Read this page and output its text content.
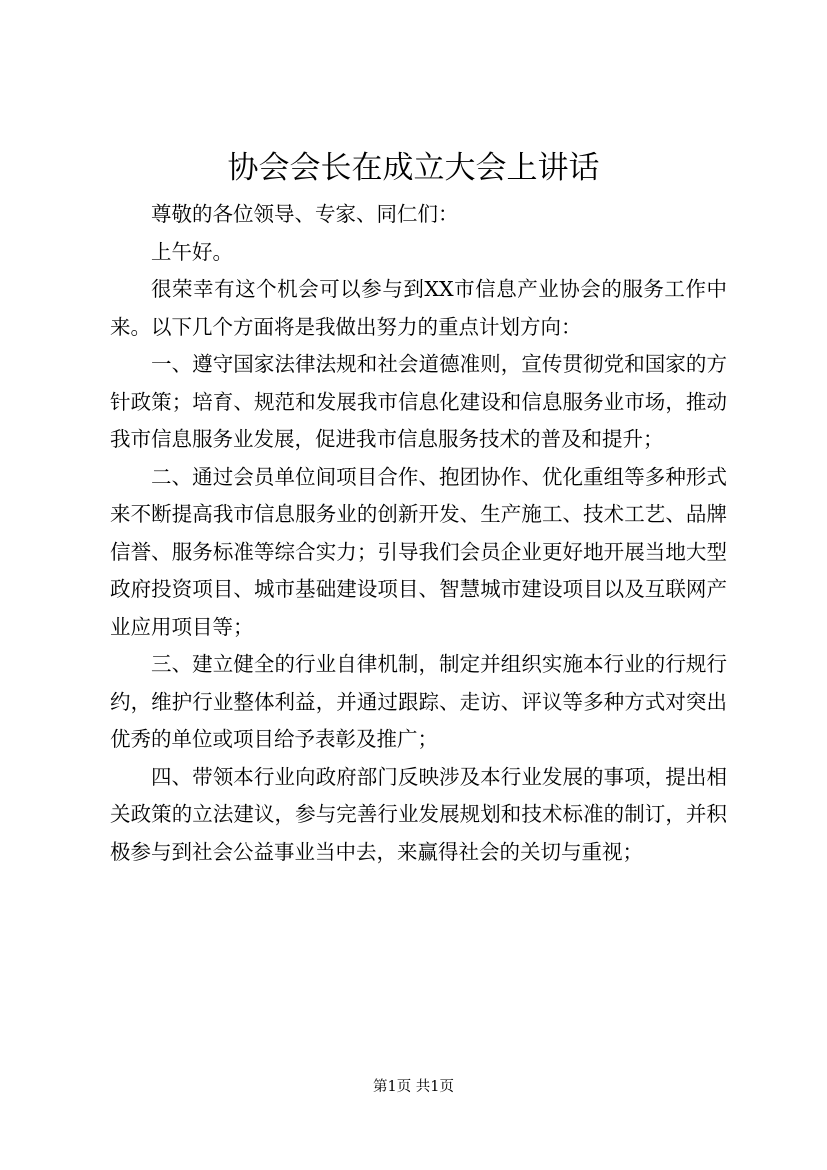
协会会长在成立大会上讲话

尊敬的各位领导、专家、同仁们：

上午好。

很荣幸有这个机会可以参与到XX市信息产业协会的服务工作中来。以下几个方面将是我做出努力的重点计划方向：

一、遵守国家法律法规和社会道德准则，宣传贯彻党和国家的方针政策；培育、规范和发展我市信息化建设和信息服务业市场，推动我市信息服务业发展，促进我市信息服务技术的普及和提升；

二、通过会员单位间项目合作、抱团协作、优化重组等多种形式来不断提高我市信息服务业的创新开发、生产施工、技术工艺、品牌信誉、服务标准等综合实力；引导我们会员企业更好地开展当地大型政府投资项目、城市基础建设项目、智慧城市建设项目以及互联网产业应用项目等；

三、建立健全的行业自律机制，制定并组织实施本行业的行规行约，维护行业整体利益，并通过跟踪、走访、评议等多种方式对突出优秀的单位或项目给予表彰及推广；

四、带领本行业向政府部门反映涉及本行业发展的事项，提出相关政策的立法建议，参与完善行业发展规划和技术标准的制订，并积极参与到社会公益事业当中去，来赢得社会的关切与重视；

第1页 共1页
